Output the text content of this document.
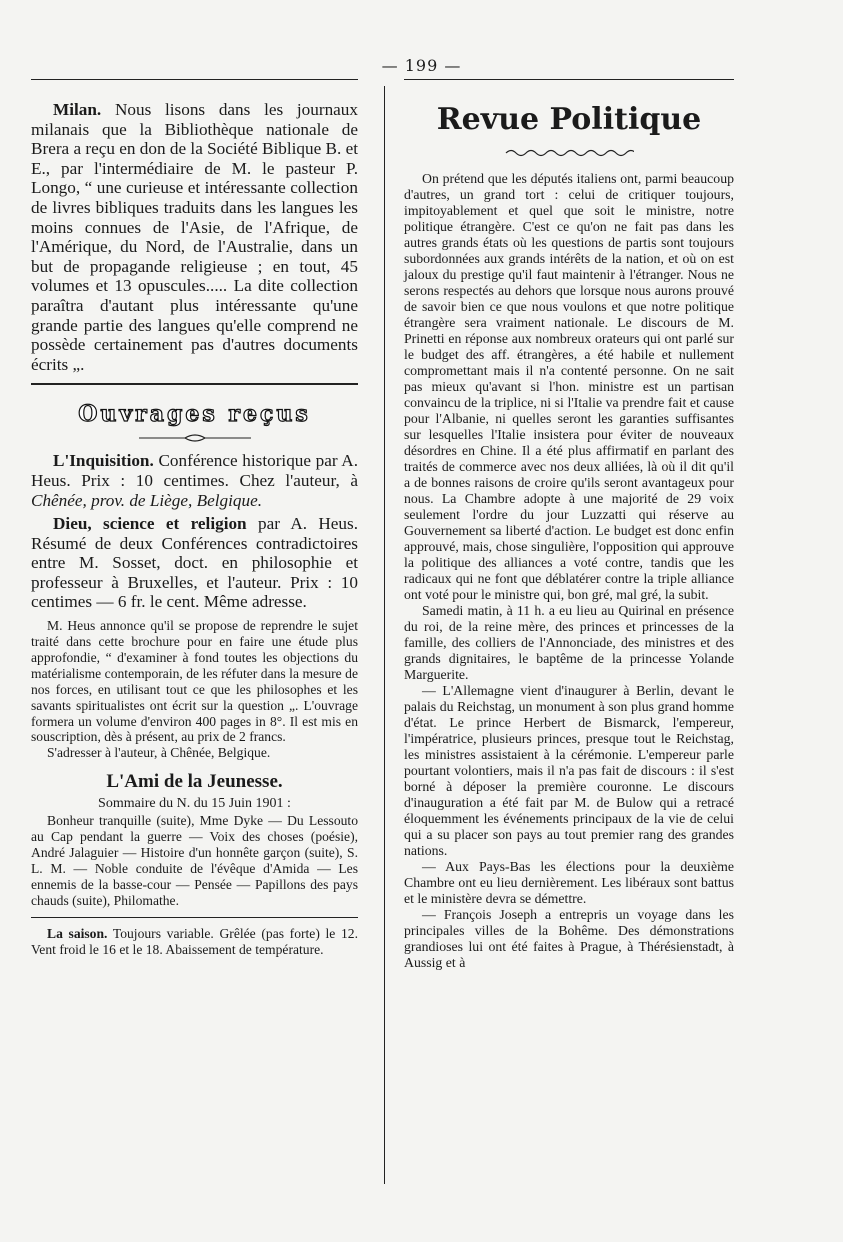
— 199 —

Milan. Nous lisons dans les journaux milanais que la Bibliothèque nationale de Brera a reçu en don de la Société Biblique B. et E., par l'intermédiaire de M. le pasteur P. Longo, “ une curieuse et intéressante collection de livres bibliques traduits dans les langues les moins connues de l'Asie, de l'Afrique, de l'Amérique, du Nord, de l'Australie, dans un but de propagande religieuse ; en tout, 45 volumes et 13 opuscules..... La dite collection paraîtra d'autant plus intéressante qu'une grande partie des langues qu'elle comprend ne possède certainement pas d'autres documents écrits „.

Ouvrages reçus

L'Inquisition. Conférence historique par A. Heus. Prix : 10 centimes. Chez l'auteur, à Chênée, prov. de Liège, Belgique.

Dieu, science et religion par A. Heus. Résumé de deux Conférences contradictoires entre M. Sosset, doct. en philosophie et professeur à Bruxelles, et l'auteur. Prix : 10 centimes — 6 fr. le cent. Même adresse.

M. Heus annonce qu'il se propose de reprendre le sujet traité dans cette brochure pour en faire une étude plus approfondie, “ d'examiner à fond toutes les objections du matérialisme contemporain, de les réfuter dans la mesure de nos forces, en utilisant tout ce que les philosophes et les savants spiritualistes ont écrit sur la question „. L'ouvrage formera un volume d'environ 400 pages in 8°. Il est mis en souscription, dès à présent, au prix de 2 francs.

S'adresser à l'auteur, à Chênée, Belgique.

L'Ami de la Jeunesse.
Sommaire du N. du 15 Juin 1901 :

Bonheur tranquille (suite), Mme Dyke — Du Lessouto au Cap pendant la guerre — Voix des choses (poésie), André Jalaguier — Histoire d'un honnête garçon (suite), S. L. M. — Noble conduite de l'évêque d'Amida — Les ennemis de la basse-cour — Pensée — Papillons des pays chauds (suite), Philomathe.

La saison. Toujours variable. Grêlée (pas forte) le 12. Vent froid le 16 et le 18. Abaissement de température.

Revue Politique

On prétend que les députés italiens ont, parmi beaucoup d'autres, un grand tort : celui de critiquer toujours, impitoyablement et quel que soit le ministre, notre politique étrangère. C'est ce qu'on ne fait pas dans les autres grands états où les questions de partis sont toujours subordonnées aux grands intérêts de la nation, et où on est jaloux du prestige qu'il faut maintenir à l'étranger. Nous ne serons respectés au dehors que lorsque nous aurons prouvé de savoir bien ce que nous voulons et que notre politique étrangère sera vraiment nationale. Le discours de M. Prinetti en réponse aux nombreux orateurs qui ont parlé sur le budget des aff. étrangères, a été habile et nullement compromettant mais il n'a contenté personne. On ne sait pas mieux qu'avant si l'hon. ministre est un partisan convaincu de la triplice, ni si l'Italie va prendre fait et cause pour l'Albanie, ni quelles seront les garanties suffisantes sur lesquelles l'Italie insistera pour éviter de nouveaux désordres en Chine. Il a été plus affirmatif en parlant des traités de commerce avec nos deux alliées, là où il dit qu'il a de bonnes raisons de croire qu'ils seront avantageux pour nous. La Chambre adopte à une majorité de 29 voix seulement l'ordre du jour Luzzatti qui réserve au Gouvernement sa liberté d'action. Le budget est donc enfin approuvé, mais, chose singulière, l'opposition qui approuve la politique des alliances a voté contre, tandis que les radicaux qui ne font que déblatérer contre la triple alliance ont voté pour le ministre qui, bon gré, mal gré, la subit.

Samedi matin, à 11 h. a eu lieu au Quirinal en présence du roi, de la reine mère, des princes et princesses de la famille, des colliers de l'Annonciade, des ministres et des grands dignitaires, le baptême de la princesse Yolande Marguerite.

— L'Allemagne vient d'inaugurer à Berlin, devant le palais du Reichstag, un monument à son plus grand homme d'état. Le prince Herbert de Bismarck, l'empereur, l'impératrice, plusieurs princes, presque tout le Reichstag, les ministres assistaient à la cérémonie. L'empereur parle pourtant volontiers, mais il n'a pas fait de discours : il s'est borné à déposer la première couronne. Le discours d'inauguration a été fait par M. de Bulow qui a retracé éloquemment les événements principaux de la vie de celui qui a su placer son pays au tout premier rang des grandes nations.

— Aux Pays-Bas les élections pour la deuxième Chambre ont eu lieu dernièrement. Les libéraux sont battus et le ministère devra se démettre.

— François Joseph a entrepris un voyage dans les principales villes de la Bohême. Des démonstrations grandioses lui ont été faites à Prague, à Thérésienstadt, à Aussig et à
